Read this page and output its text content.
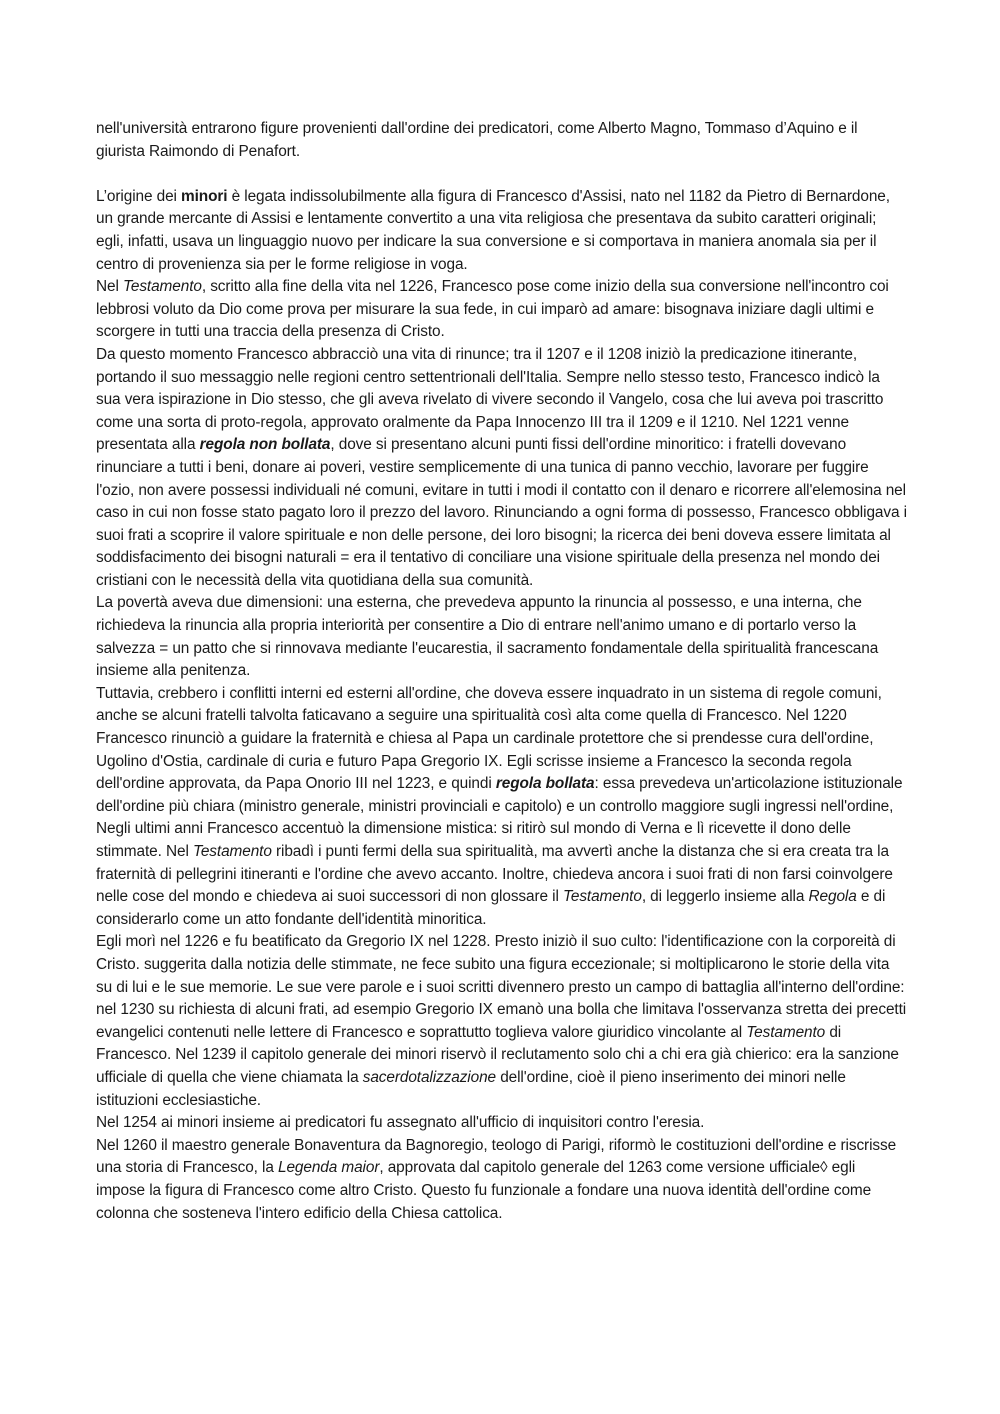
nell'università entrarono figure provenienti dall'ordine dei predicatori, come Alberto Magno, Tommaso d’Aquino e il giurista Raimondo di Penafort.

L’origine dei minori è legata indissolubilmente alla figura di Francesco d'Assisi, nato nel 1182 da Pietro di Bernardone, un grande mercante di Assisi e lentamente convertito a una vita religiosa che presentava da subito caratteri originali; egli, infatti, usava un linguaggio nuovo per indicare la sua conversione e si comportava in maniera anomala sia per il centro di provenienza sia per le forme religiose in voga.

Nel Testamento, scritto alla fine della vita nel 1226, Francesco pose come inizio della sua conversione nell'incontro coi lebbrosi voluto da Dio come prova per misurare la sua fede, in cui imparò ad amare: bisognava iniziare dagli ultimi e scorgere in tutti una traccia della presenza di Cristo.

Da questo momento Francesco abbracciò una vita di rinunce; tra il 1207 e il 1208 iniziò la predicazione itinerante, portando il suo messaggio nelle regioni centro settentrionali dell'Italia. Sempre nello stesso testo, Francesco indicò la sua vera ispirazione in Dio stesso, che gli aveva rivelato di vivere secondo il Vangelo, cosa che lui aveva poi trascritto come una sorta di proto-regola, approvato oralmente da Papa Innocenzo III tra il 1209 e il 1210. Nel 1221 venne presentata alla regola non bollata, dove si presentano alcuni punti fissi dell'ordine minoritico: i fratelli dovevano rinunciare a tutti i beni, donare ai poveri, vestire semplicemente di una tunica di panno vecchio, lavorare per fuggire l'ozio, non avere possessi individuali né comuni, evitare in tutti i modi il contatto con il denaro e ricorrere all'elemosina nel caso in cui non fosse stato pagato loro il prezzo del lavoro. Rinunciando a ogni forma di possesso, Francesco obbligava i suoi frati a scoprire il valore spirituale e non delle persone, dei loro bisogni; la ricerca dei beni doveva essere limitata al soddisfacimento dei bisogni naturali = era il tentativo di conciliare una visione spirituale della presenza nel mondo dei cristiani con le necessità della vita quotidiana della sua comunità.

La povertà aveva due dimensioni: una esterna, che prevedeva appunto la rinuncia al possesso, e una interna, che richiedeva la rinuncia alla propria interiorità per consentire a Dio di entrare nell'animo umano e di portarlo verso la salvezza = un patto che si rinnovava mediante l'eucarestia, il sacramento fondamentale della spiritualità francescana insieme alla penitenza.

Tuttavia, crebbero i conflitti interni ed esterni all'ordine, che doveva essere inquadrato in un sistema di regole comuni, anche se alcuni fratelli talvolta faticavano a seguire una spiritualità così alta come quella di Francesco. Nel 1220 Francesco rinunciò a guidare la fraternità e chiesa al Papa un cardinale protettore che si prendesse cura dell'ordine, Ugolino d'Ostia, cardinale di curia e futuro Papa Gregorio IX. Egli scrisse insieme a Francesco la seconda regola dell'ordine approvata, da Papa Onorio III nel 1223, e quindi regola bollata: essa prevedeva un'articolazione istituzionale dell'ordine più chiara (ministro generale, ministri provinciali e capitolo) e un controllo maggiore sugli ingressi nell'ordine,

Negli ultimi anni Francesco accentuò la dimensione mistica: si ritirò sul mondo di Verna e lì ricevette il dono delle stimmate. Nel Testamento ribadì i punti fermi della sua spiritualità, ma avvertì anche la distanza che si era creata tra la fraternità di pellegrini itineranti e l'ordine che avevo accanto. Inoltre, chiedeva ancora i suoi frati di non farsi coinvolgere nelle cose del mondo e chiedeva ai suoi successori di non glossare il Testamento, di leggerlo insieme alla Regola e di considerarlo come un atto fondante dell'identità minoritica.

Egli morì nel 1226 e fu beatificato da Gregorio IX nel 1228. Presto iniziò il suo culto: l'identificazione con la corporeità di Cristo. suggerita dalla notizia delle stimmate, ne fece subito una figura eccezionale; si moltiplicarono le storie della vita su di lui e le sue memorie. Le sue vere parole e i suoi scritti divennero presto un campo di battaglia all'interno dell'ordine: nel 1230 su richiesta di alcuni frati, ad esempio Gregorio IX emanò una bolla che limitava l'osservanza stretta dei precetti evangelici contenuti nelle lettere di Francesco e soprattutto toglieva valore giuridico vincolante al Testamento di Francesco. Nel 1239 il capitolo generale dei minori riservò il reclutamento solo chi a chi era già chierico: era la sanzione ufficiale di quella che viene chiamata la sacerdotalizzazione dell'ordine, cioè il pieno inserimento dei minori nelle istituzioni ecclesiastiche.

Nel 1254 ai minori insieme ai predicatori fu assegnato all'ufficio di inquisitori contro l'eresia.

Nel 1260 il maestro generale Bonaventura da Bagnoregio, teologo di Parigi, riformò le costituzioni dell'ordine e riscrisse una storia di Francesco, la Legenda maior, approvata dal capitolo generale del 1263 come versione ufficiale◊ egli impose la figura di Francesco come altro Cristo. Questo fu funzionale a fondare una nuova identità dell'ordine come colonna che sosteneva l'intero edificio della Chiesa cattolica.
